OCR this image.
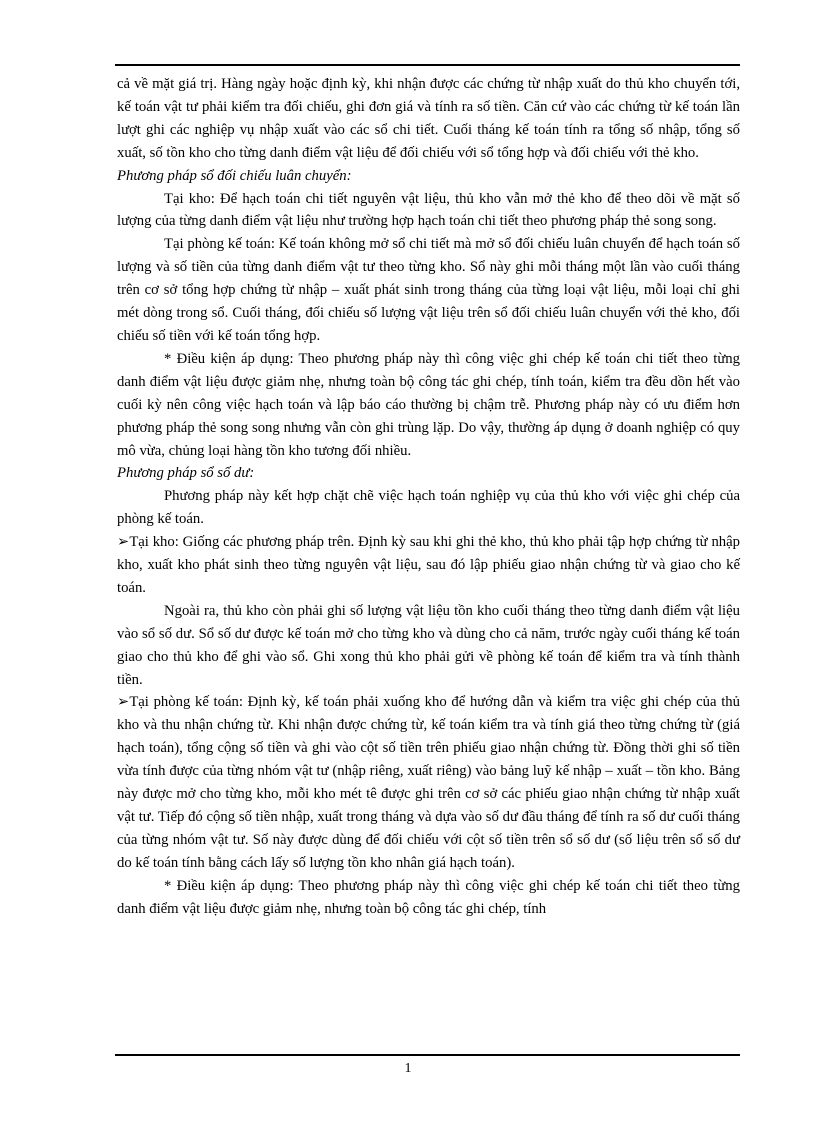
cả về mặt giá trị. Hàng ngày hoặc định kỳ, khi nhận được các chứng từ nhập xuất do thủ kho chuyển tới, kế toán vật tư phải kiểm tra đối chiếu, ghi đơn giá và tính ra số tiền. Căn cứ vào các chứng từ kế toán lần lượt ghi các nghiệp vụ nhập xuất vào các sổ chi tiết. Cuối tháng kế toán tính ra tổng số nhập, tổng số xuất, số tồn kho cho từng danh điểm vật liệu để đối chiếu với sổ tổng hợp và đối chiếu với thẻ kho.

Phương pháp sổ đối chiếu luân chuyển:

Tại kho: Để hạch toán chi tiết nguyên vật liệu, thủ kho vẫn mở thẻ kho để theo dõi về mặt số lượng của từng danh điểm vật liệu như trường hợp hạch toán chi tiết theo phương pháp thẻ song song.

Tại phòng kế toán: Kế toán không mở sổ chi tiết mà mở sổ đối chiếu luân chuyển để hạch toán số lượng và số tiền của từng danh điểm vật tư theo từng kho. Sổ này ghi mỗi tháng một lần vào cuối tháng trên cơ sở tổng hợp chứng từ nhập – xuất phát sinh trong tháng của từng loại vật liệu, mỗi loại chỉ ghi mét dòng trong sổ. Cuối tháng, đối chiếu số lượng vật liệu trên sổ đối chiếu luân chuyển với thẻ kho, đối chiếu số tiền với kế toán tổng hợp.

* Điều kiện áp dụng: Theo phương pháp này thì công việc ghi chép kế toán chi tiết theo từng danh điểm vật liệu được giảm nhẹ, nhưng toàn bộ công tác ghi chép, tính toán, kiểm tra đều dồn hết vào cuối kỳ nên công việc hạch toán và lập báo cáo thường bị chậm trễ. Phương pháp này có ưu điểm hơn phương pháp thẻ song song nhưng vẫn còn ghi trùng lặp. Do vậy, thường áp dụng ở doanh nghiệp có quy mô vừa, chủng loại hàng tồn kho tương đối nhiều.

Phương pháp sổ số dư:

Phương pháp này kết hợp chặt chẽ việc hạch toán nghiệp vụ của thủ kho với việc ghi chép của phòng kế toán.

➢Tại kho: Giống các phương pháp trên. Định kỳ sau khi ghi thẻ kho, thủ kho phải tập hợp chứng từ nhập kho, xuất kho phát sinh theo từng nguyên vật liệu, sau đó lập phiếu giao nhận chứng từ và giao cho kế toán.

Ngoài ra, thủ kho còn phải ghi số lượng vật liệu tồn kho cuối tháng theo từng danh điểm vật liệu vào sổ số dư. Sổ số dư được kế toán mở cho từng kho và dùng cho cả năm, trước ngày cuối tháng kế toán giao cho thủ kho để ghi vào sổ. Ghi xong thủ kho phải gửi về phòng kế toán để kiểm tra và tính thành tiền.

➢Tại phòng kế toán: Định kỳ, kế toán phải xuống kho để hướng dẫn và kiểm tra việc ghi chép của thủ kho và thu nhận chứng từ. Khi nhận được chứng từ, kế toán kiểm tra và tính giá theo từng chứng từ (giá hạch toán), tổng cộng số tiền và ghi vào cột số tiền trên phiếu giao nhận chứng từ. Đồng thời ghi số tiền vừa tính được của từng nhóm vật tư (nhập riêng, xuất riêng) vào bảng luỹ kế nhập – xuất – tồn kho. Bảng này được mở cho từng kho, mỗi kho mét tê được ghi trên cơ sở các phiếu giao nhận chứng từ nhập xuất vật tư. Tiếp đó cộng số tiền nhập, xuất trong tháng và dựa vào số dư đầu tháng để tính ra số dư cuối tháng của từng nhóm vật tư. Số này được dùng để đối chiếu với cột số tiền trên sổ số dư (số liệu trên sổ số dư do kế toán tính bằng cách lấy số lượng tồn kho nhân giá hạch toán).

* Điều kiện áp dụng: Theo phương pháp này thì công việc ghi chép kế toán chi tiết theo từng danh điểm vật liệu được giảm nhẹ, nhưng toàn bộ công tác ghi chép, tính

1
